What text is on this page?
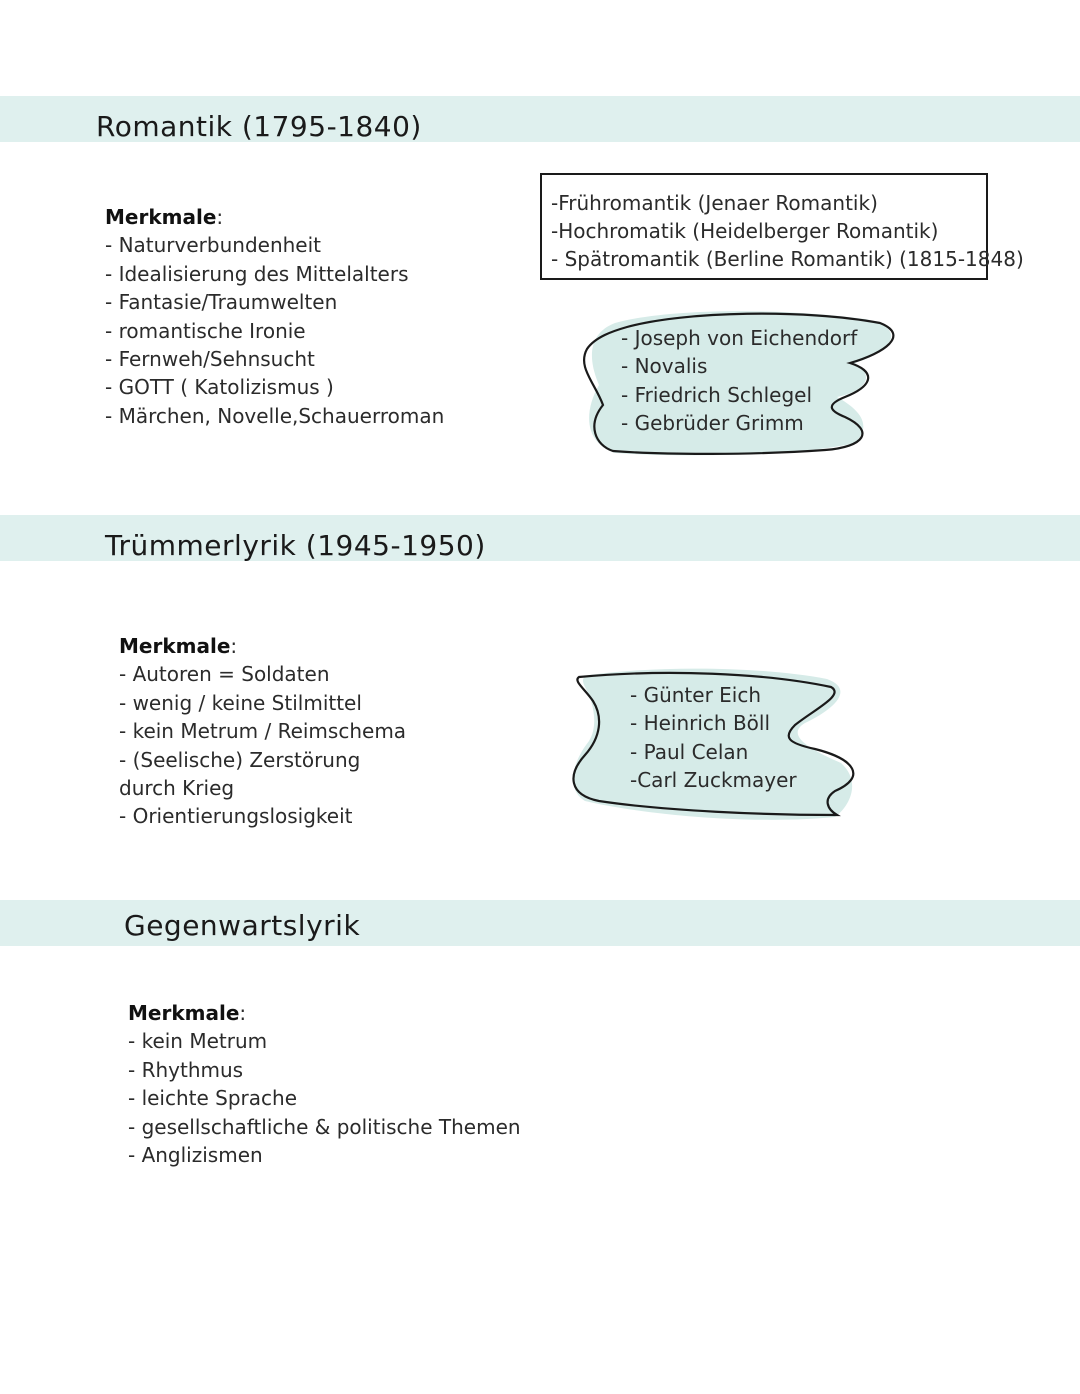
Romantik (1795-1840)
Merkmale:
- Naturverbundenheit
- Idealisierung des Mittelalters
- Fantasie/Traumwelten
- romantische Ironie
- Fernweh/Sehnsucht
- GOTT ( Katolizismus )
- Märchen, Novelle,Schauerroman
-Frühromantik (Jenaer Romantik)
-Hochromatik (Heidelberger Romantik)
- Spätromantik (Berline Romantik) (1815-1848)
- Joseph von Eichendorf
- Novalis
- Friedrich Schlegel
- Gebrüder Grimm
Trümmerlyrik (1945-1950)
Merkmale:
- Autoren = Soldaten
- wenig / keine Stilmittel
- kein Metrum / Reimschema
- (Seelische) Zerstörung
durch Krieg
- Orientierungslosigkeit
- Günter Eich
- Heinrich Böll
- Paul Celan
-Carl Zuckmayer
Gegenwartslyrik
Merkmale:
- kein Metrum
- Rhythmus
- leichte Sprache
- gesellschaftliche & politische Themen
- Anglizismen
